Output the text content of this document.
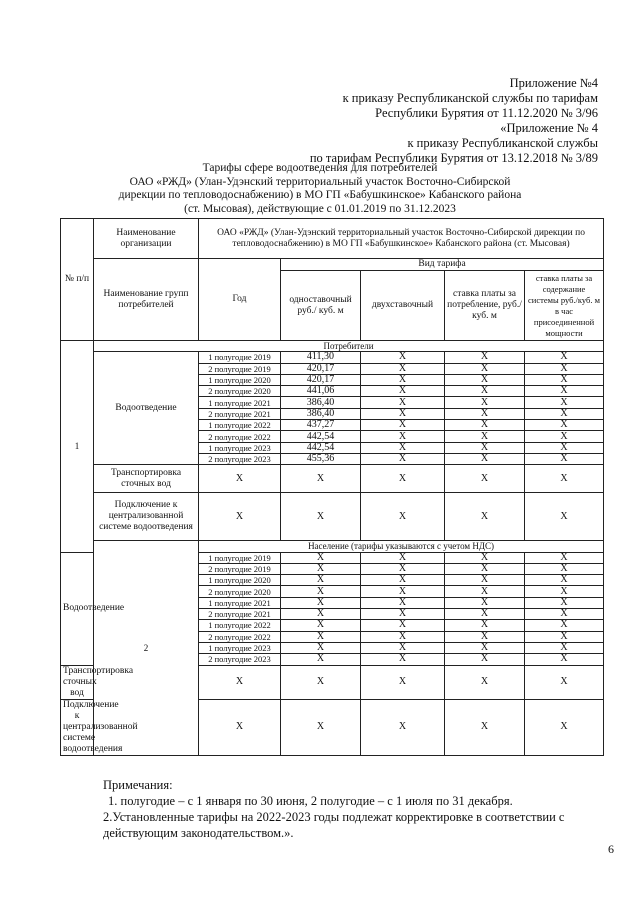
Приложение №4
к приказу Республиканской службы по тарифам
Республики Бурятия от 11.12.2020 № 3/96
«Приложение № 4
к приказу Республиканской службы
по тарифам Республики Бурятия от 13.12.2018 № 3/89
Тарифы сфере водоотведения для потребителей
ОАО «РЖД» (Улан-Удэнский территориальный участок Восточно-Сибирской
дирекции по тепловодоснабжению) в МО ГП «Бабушкинское» Кабанского района
(ст. Мысовая), действующие с 01.01.2019 по 31.12.2023
№ п/п	Наименование организации	ОАО «РЖД» (Улан-Удэнский территориальный участок Восточно-Сибирской дирекции по тепловодоснабжению) в МО ГП «Бабушкинское» Кабанского района (ст. Мысовая)				
	Наименование групп потребителей	Год	Вид тарифа			
			одноставочный руб./ куб. м	двухставочный	ставка платы за потребление, руб./ куб. м	ставка платы за содержание системы руб./куб. м в час присоединенной мощности
1	Потребители					
	Водоотведение	1 полугодие 2019	411,30	X	X	X
		2 полугодие 2019	420,17	X	X	X
		1 полугодие 2020	420,17	X	X	X
		2 полугодие 2020	441,06	X	X	X
		1 полугодие 2021	386,40	X	X	X
		2 полугодие 2021	386,40	X	X	X
		1 полугодие 2022	437,27	X	X	X
		2 полугодие 2022	442,54	X	X	X
		1 полугодие 2023	442,54	X	X	X
		2 полугодие 2023	455,36	X	X	X
	Транспортировка сточных вод	X	X	X	X	X
	Подключение к централизованной системе водоотведения	X	X	X	X	X
	2	Население (тарифы указываются с учетом НДС)				
Водоотведение		1 полугодие 2019	X	X	X	X
		2 полугодие 2019	X	X	X	X
		1 полугодие 2020	X	X	X	X
		2 полугодие 2020	X	X	X	X
		1 полугодие 2021	X	X	X	X
		2 полугодие 2021	X	X	X	X
		1 полугодие 2022	X	X	X	X
		2 полугодие 2022	X	X	X	X
		1 полугодие 2023	X	X	X	X
		2 полугодие 2023	X	X	X	X
Транспортировка сточных вод		X	X	X	X	X
Подключение к централизованной системе водоотведения		X	X	X	X	X

Примечания:

1. полугодие – с 1 января по 30 июня, 2 полугодие – с 1 июля по 31 декабря.

2.Установленные тарифы на 2022-2023 годы подлежат корректировке в соответствии с действующим законодательством.».

6
